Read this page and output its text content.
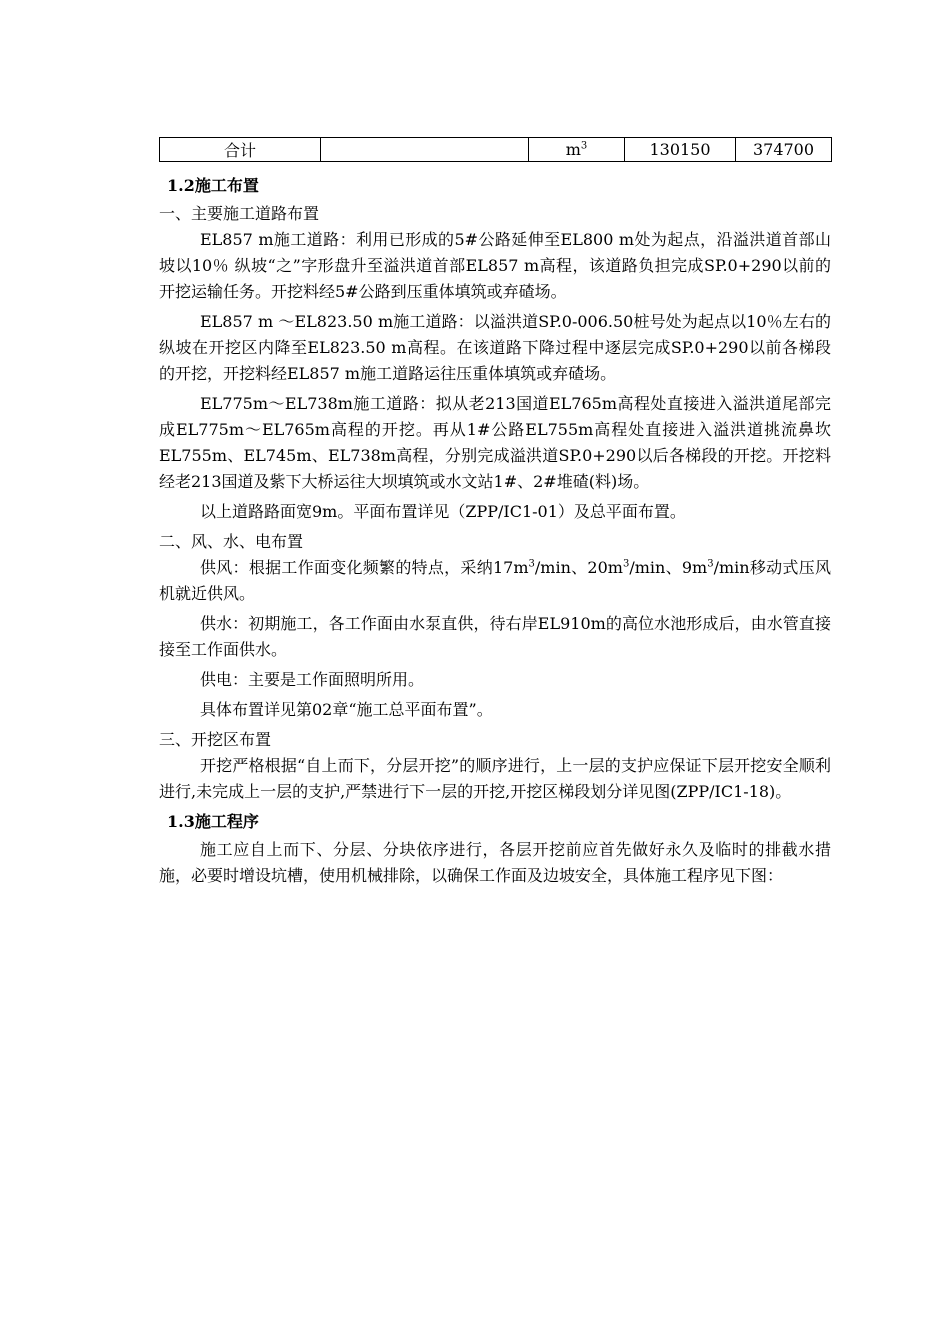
合计		$m^3$	130150	374700
1.2施工布置
一、主要施工道路布置

EL857 m施工道路：利用已形成的5#公路延伸至EL800 m处为起点，沿溢洪道首部山坡以10％ 纵坡“之”字形盘升至溢洪道首部EL857 m高程，该道路负担完成SP.0+290以前的开挖运输任务。开挖料经5#公路到压重体填筑或弃碴场。

EL857 m ～EL823.50 m施工道路：以溢洪道SP.0-006.50桩号处为起点以10％左右的纵坡在开挖区内降至EL823.50 m高程。在该道路下降过程中逐层完成SP.0+290以前各梯段的开挖，开挖料经EL857 m施工道路运往压重体填筑或弃碴场。

EL775m～EL738m施工道路：拟从老213国道EL765m高程处直接进入溢洪道尾部完成EL775m～EL765m高程的开挖。再从1#公路EL755m高程处直接进入溢洪道挑流鼻坎EL755m、EL745m、EL738m高程，分别完成溢洪道SP.0+290以后各梯段的开挖。开挖料经老213国道及紫下大桥运往大坝填筑或水文站1#、2#堆碴(料)场。

以上道路路面宽9m。平面布置详见（ZPP/IC1-01）及总平面布置。

二、风、水、电布置

供风：根据工作面变化频繁的特点，采纳$17m^3/\min$、$20m^3/\min$、$9m^3/\min$移动式压风机就近供风。

供水：初期施工，各工作面由水泵直供，待右岸EL910m的高位水池形成后，由水管直接接至工作面供水。

供电：主要是工作面照明所用。

具体布置详见第02章“施工总平面布置”。

三、开挖区布置

开挖严格根据“自上而下，分层开挖”的顺序进行，上一层的支护应保证下层开挖安全顺利进行,未完成上一层的支护,严禁进行下一层的开挖,开挖区梯段划分详见图(ZPP/IC1-18)。

1.3施工程序

施工应自上而下、分层、分块依序进行，各层开挖前应首先做好永久及临时的排截水措施，必要时增设坑槽，使用机械排除，以确保工作面及边坡安全，具体施工程序见下图：
